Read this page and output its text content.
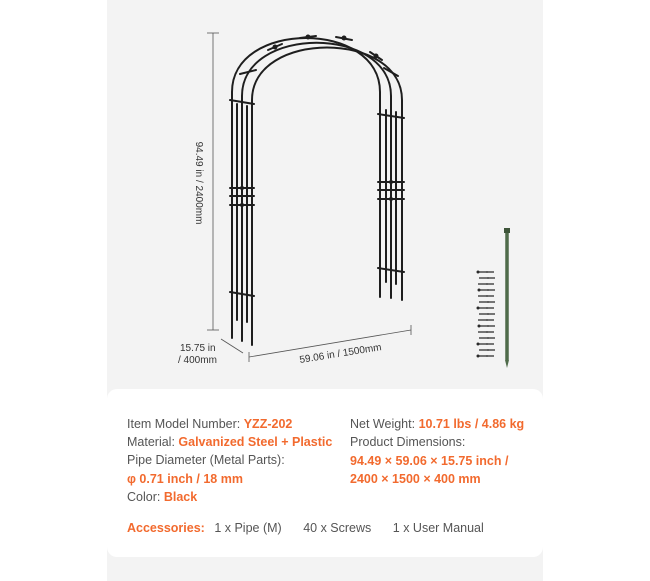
94.49 in / 2400mm
15.75 in
/ 400mm	59.06 in / 1500mm
Item Model Number: YZZ-202
Material: Galvanized Steel + Plastic
Pipe Diameter (Metal Parts):
φ 0.71 inch / 18 mm
Color: Black
Net Weight: 10.71 lbs / 4.86 kg
Product Dimensions:
94.49 × 59.06 × 15.75 inch /
2400 × 1500 × 400 mm
Accessories: 1 x Pipe (M) 40 x Screws 1 x User Manual
